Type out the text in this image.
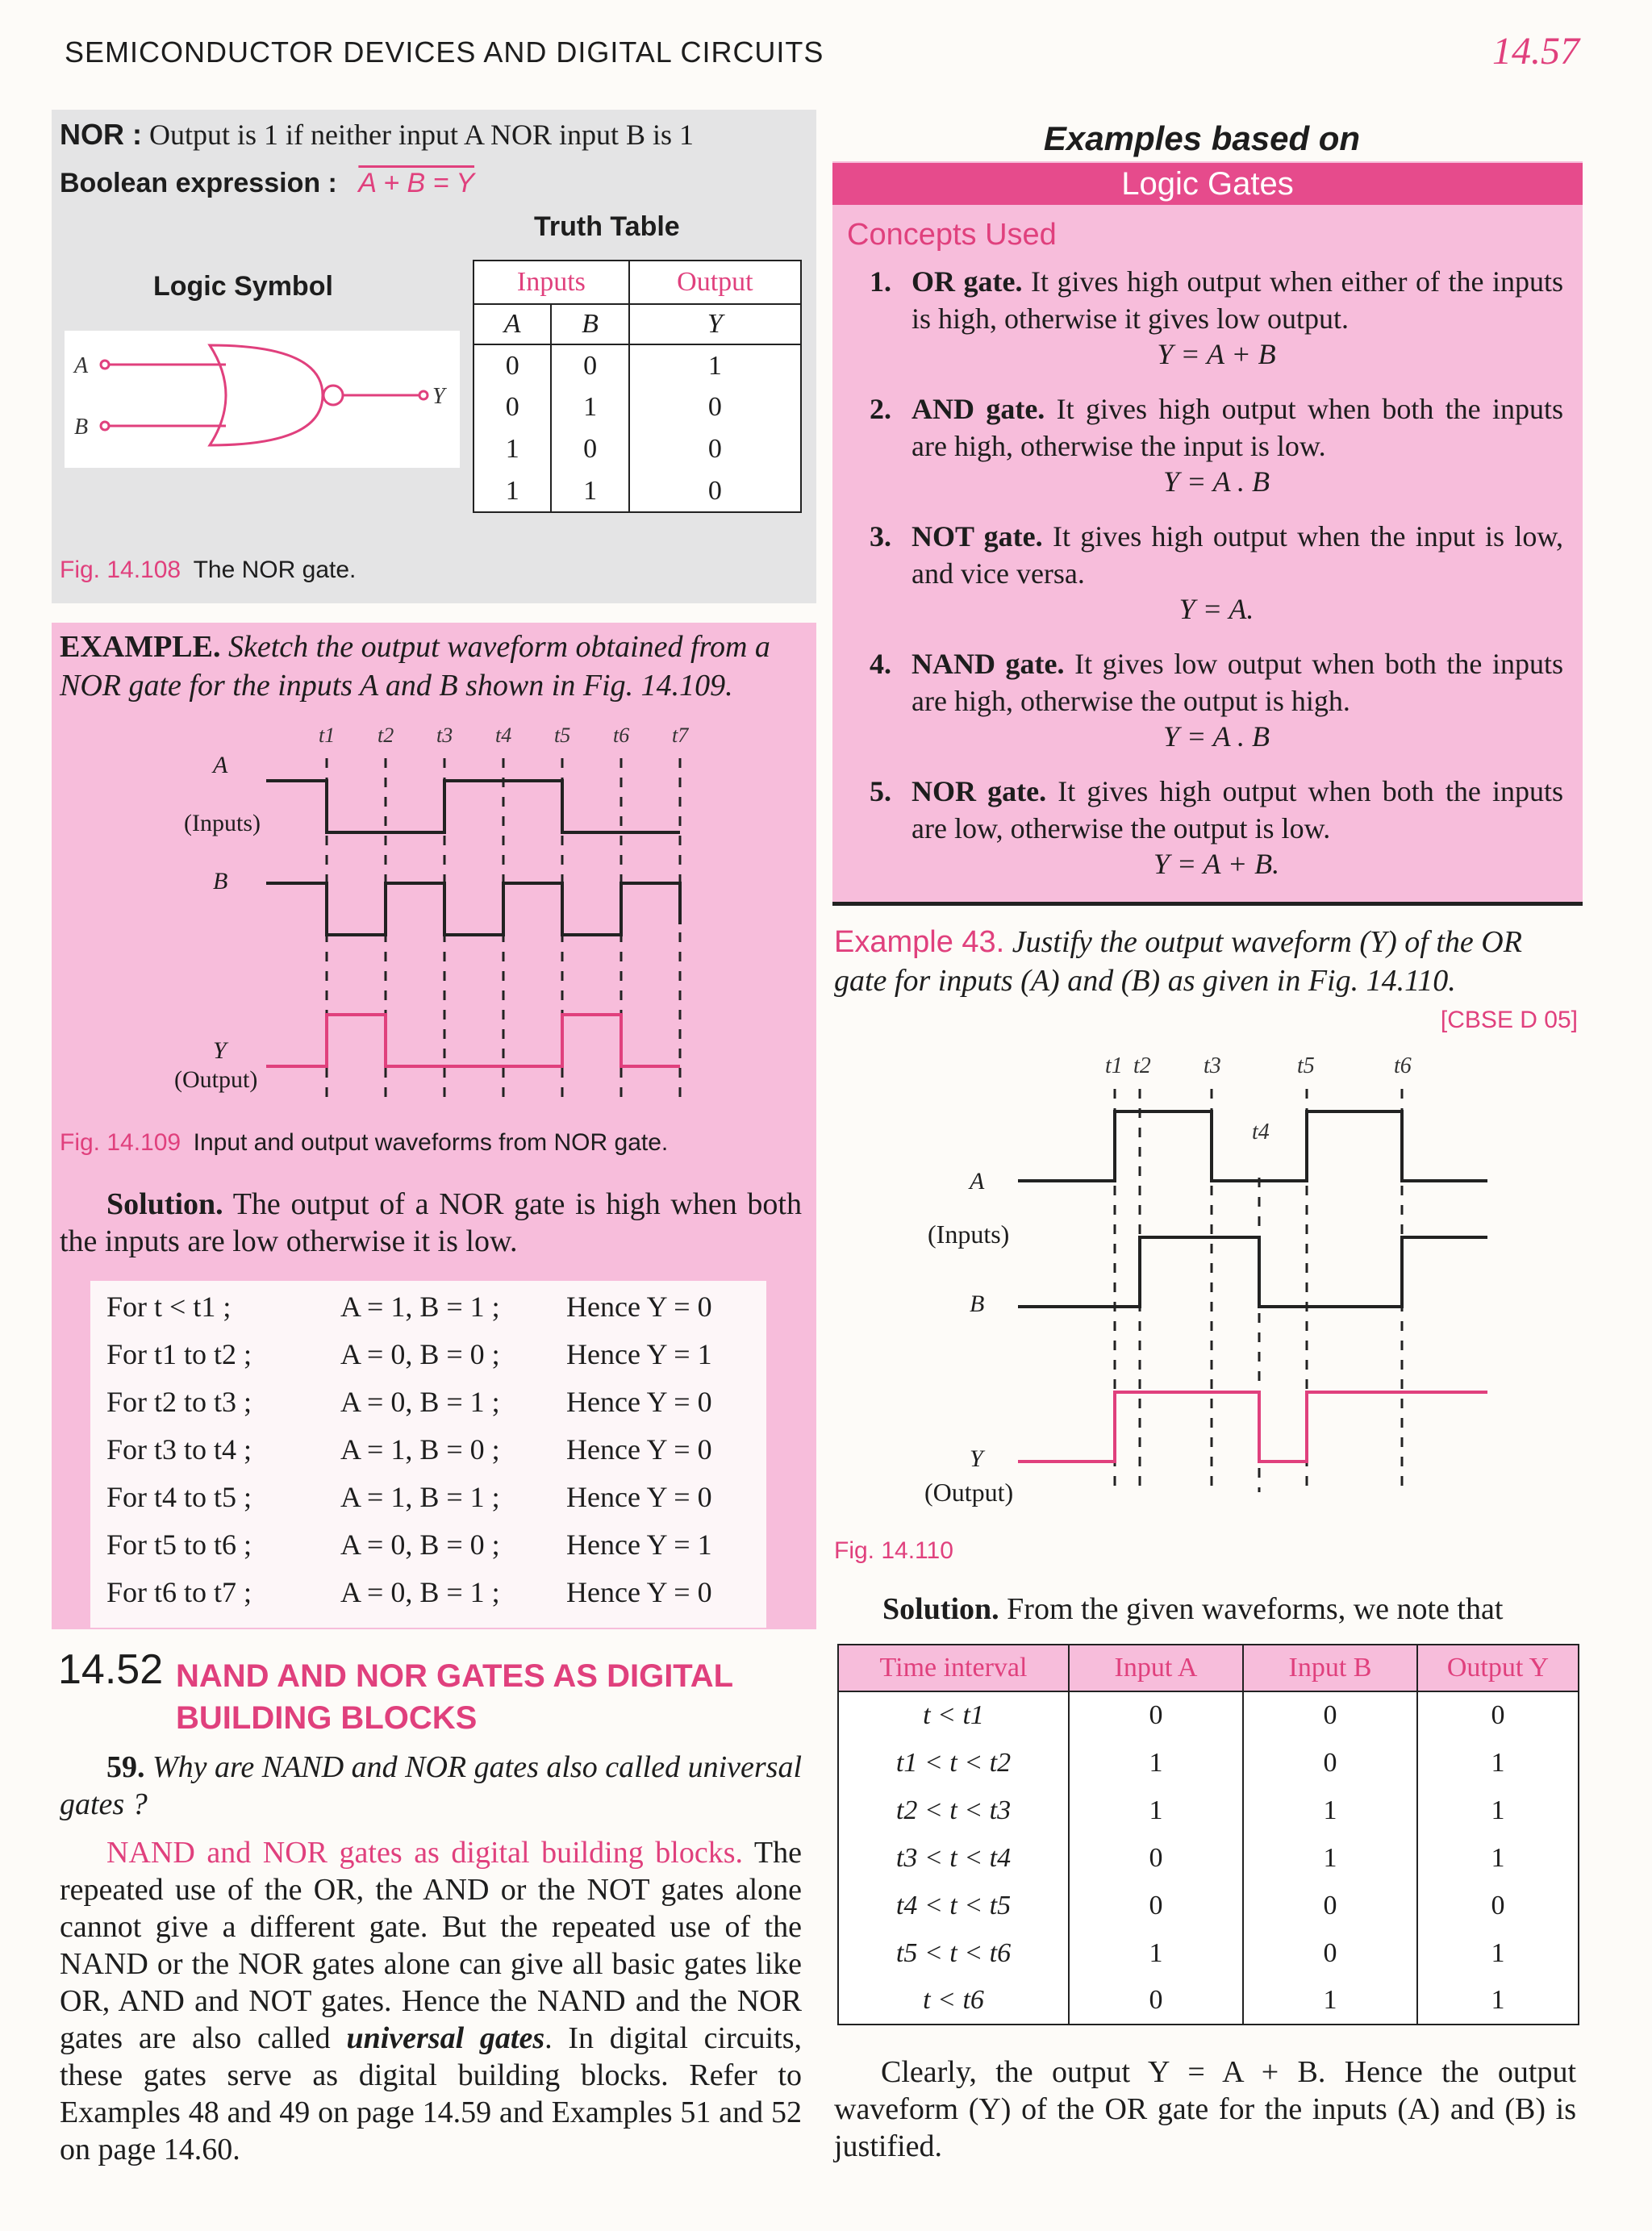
SEMICONDUCTOR DEVICES AND DIGITAL CIRCUITS	14.57
NOR : Output is 1 if neither input A NOR input B is 1
Boolean expression : A + B = Y
Logic Symbol
Truth Table
A
B
Y
Inputs		Output
A	B	Y
0	0	1
0	1	0
1	0	0
1	1	0
Fig. 14.108 The NOR gate.
EXAMPLE. Sketch the output waveform obtained from a NOR gate for the inputs A and B shown in Fig. 14.109.
t1 t2 t3 t4 t5 t6 t7
A
(Inputs)
B
Y
(Output)
Fig. 14.109 Input and output waveforms from NOR gate.
Solution. The output of a NOR gate is high when both the inputs are low otherwise it is low.
For t < t1 ;	A = 1, B = 1 ;	Hence Y = 0
For t1 to t2 ;	A = 0, B = 0 ;	Hence Y = 1
For t2 to t3 ;	A = 0, B = 1 ;	Hence Y = 0
For t3 to t4 ;	A = 1, B = 0 ;	Hence Y = 0
For t4 to t5 ;	A = 1, B = 1 ;	Hence Y = 0
For t5 to t6 ;	A = 0, B = 0 ;	Hence Y = 1
For t6 to t7 ;	A = 0, B = 1 ;	Hence Y = 0
14.52 NAND AND NOR GATES AS DIGITAL
BUILDING BLOCKS
59. Why are NAND and NOR gates also called universal gates ?
NAND and NOR gates as digital building blocks. The repeated use of the OR, the AND or the NOT gates alone cannot give a different gate. But the repeated use of the NAND or the NOR gates alone can give all basic gates like OR, AND and NOT gates. Hence the NAND and the NOR gates are also called universal gates. In digital circuits, these gates serve as digital building blocks. Refer to Examples 48 and 49 on page 14.59 and Examples 51 and 52 on page 14.60.
Examples based on
Logic Gates
Concepts Used
1. OR gate. It gives high output when either of the inputs is high, otherwise it gives low output.
Y = A + B
2. AND gate. It gives high output when both the inputs are high, otherwise the input is low.
Y = A . B
3. NOT gate. It gives high output when the input is low, and vice versa.
Y = A.
4. NAND gate. It gives low output when both the inputs are high, otherwise the output is high.
Y = A . B
5. NOR gate. It gives high output when both the inputs are low, otherwise the output is low.
Y = A + B.
Example 43. Justify the output waveform (Y) of the OR gate for inputs (A) and (B) as given in Fig. 14.110.
[CBSE D 05]
t1 t2 t3
t4
t5	t6
A
(Inputs)
B
Y
(Output)
Fig. 14.110
Solution. From the given waveforms, we note that
Time interval	Input A	Input B	Output Y
t < t1	0	0	0
t1 < t < t2	1	0	1
t2 < t < t3	1	1	1
t3 < t < t4	0	1	1
t4 < t < t5	0	0	0
t5 < t < t6	1	0	1
t < t6	0	1	1
Clearly, the output Y = A + B. Hence the output waveform (Y) of the OR gate for the inputs (A) and (B) is justified.
